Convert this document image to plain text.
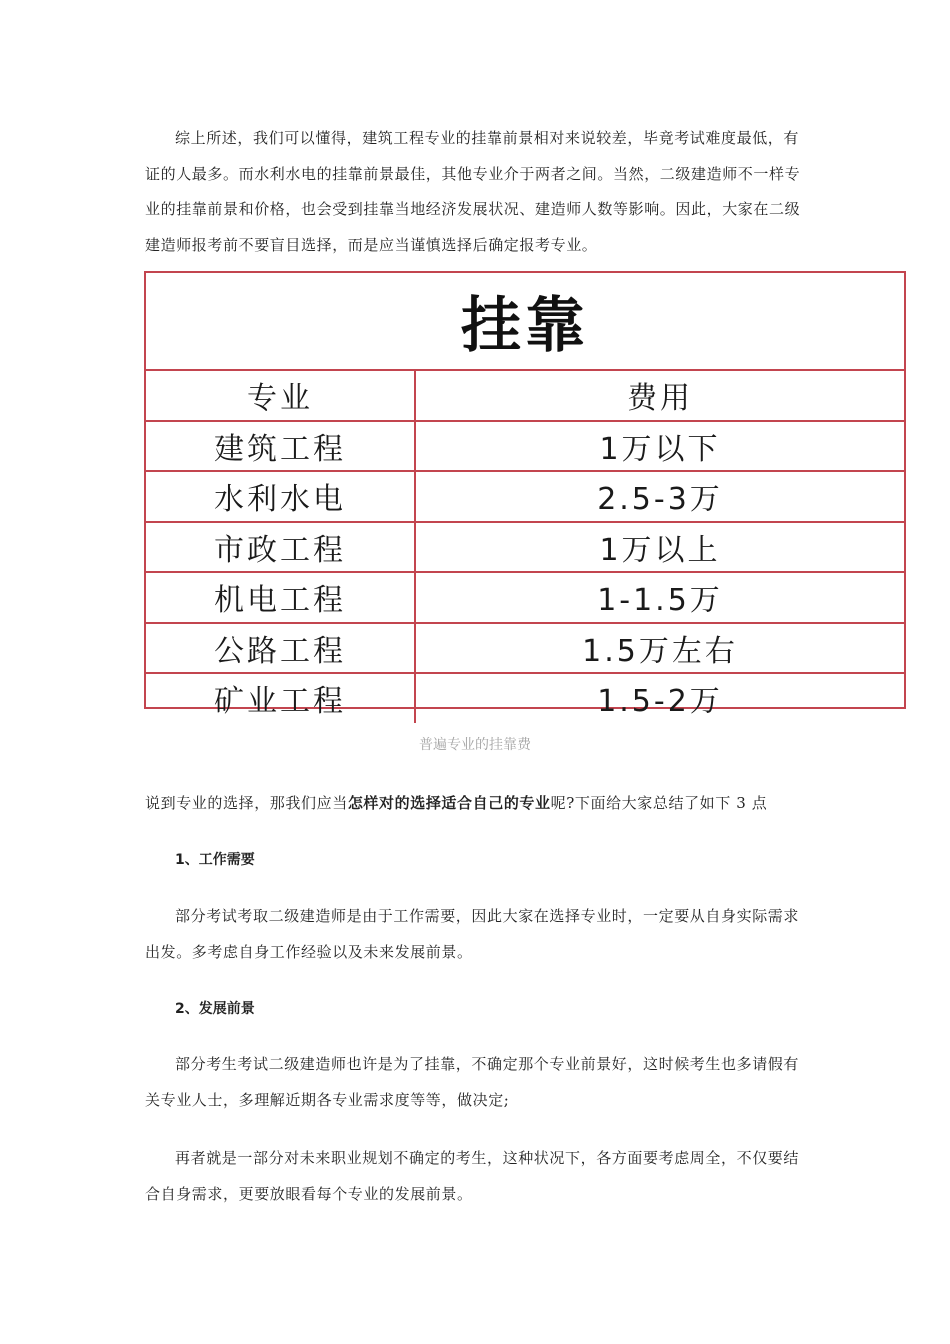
综上所述，我们可以懂得，建筑工程专业的挂靠前景相对来说较差，毕竟考试难度最低，有证的人最多。而水利水电的挂靠前景最佳，其他专业介于两者之间。当然，二级建造师不一样专业的挂靠前景和价格，也会受到挂靠当地经济发展状况、建造师人数等影响。因此，大家在二级建造师报考前不要盲目选择，而是应当谨慎选择后确定报考专业。

挂靠
专业	费用
建筑工程	1万以下
水利水电	2.5-3万
市政工程	1万以上
机电工程	1-1.5万
公路工程	1.5万左右
矿业工程	1.5-2万

普遍专业的挂靠费

说到专业的选择，那我们应当怎样对的选择适合自己的专业呢?下面给大家总结了如下 3 点

1、工作需要

部分考试考取二级建造师是由于工作需要，因此大家在选择专业时，一定要从自身实际需求出发。多考虑自身工作经验以及未来发展前景。

2、发展前景

部分考生考试二级建造师也许是为了挂靠，不确定那个专业前景好，这时候考生也多请假有关专业人士，多理解近期各专业需求度等等，做决定;

再者就是一部分对未来职业规划不确定的考生，这种状况下，各方面要考虑周全，不仅要结合自身需求，更要放眼看每个专业的发展前景。
